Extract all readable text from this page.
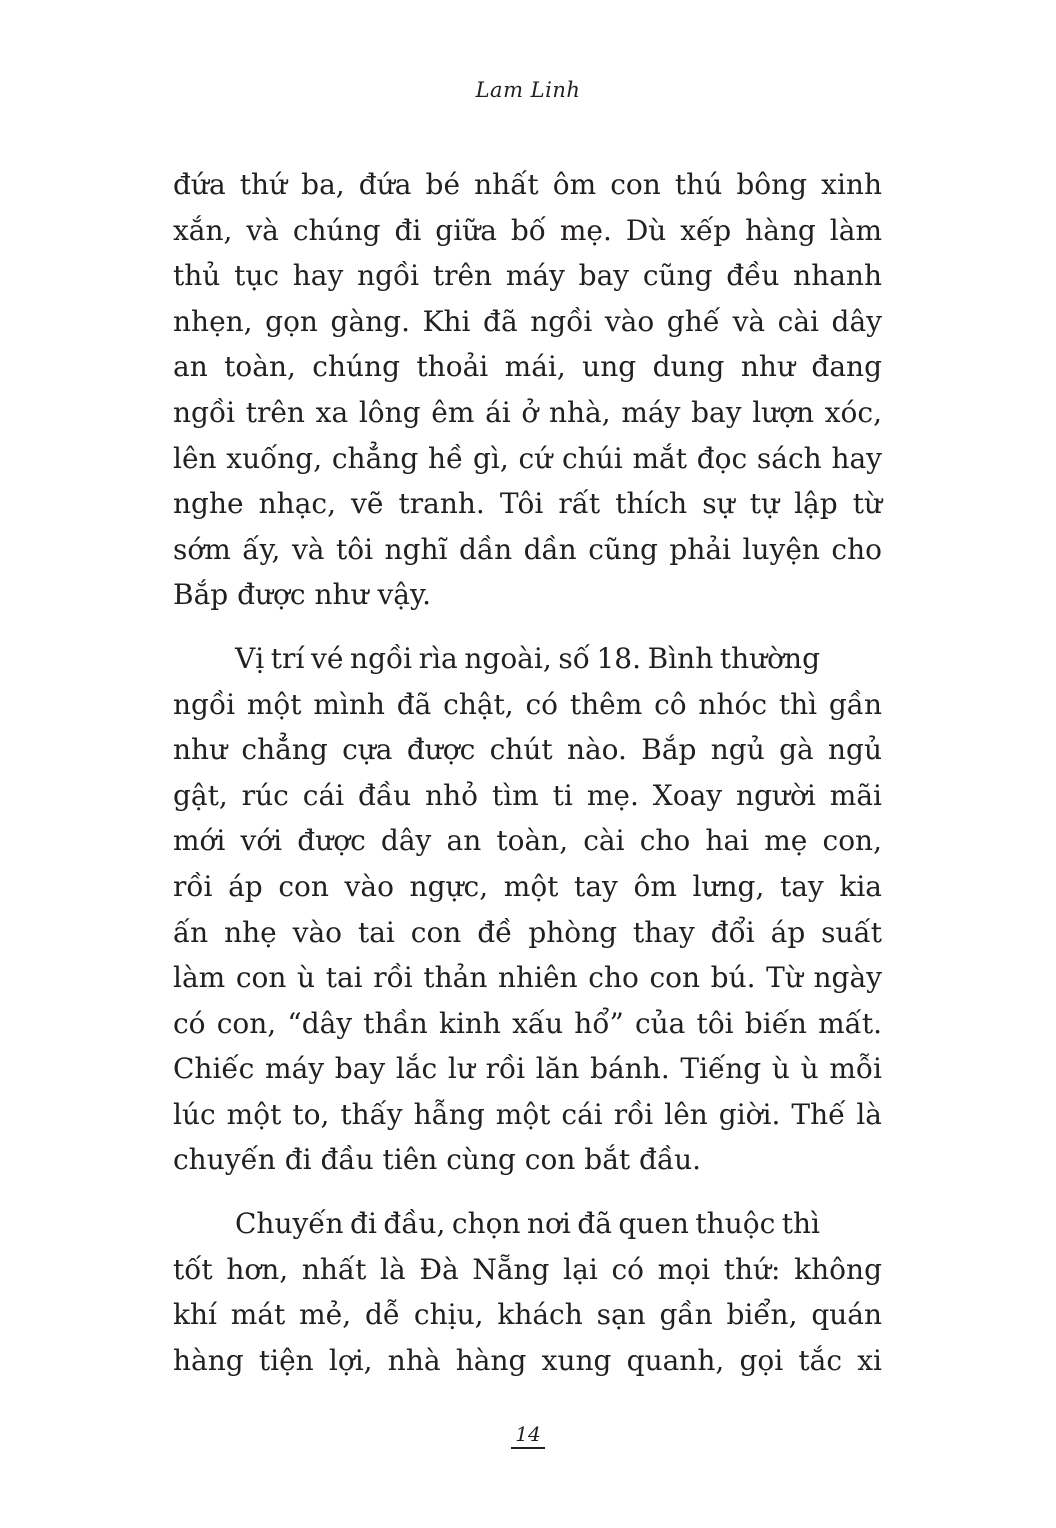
Lam Linh
đứa thứ ba, đứa bé nhất ôm con thú bông xinh
xắn, và chúng đi giữa bố mẹ. Dù xếp hàng làm
thủ tục hay ngồi trên máy bay cũng đều nhanh
nhẹn, gọn gàng. Khi đã ngồi vào ghế và cài dây
an toàn, chúng thoải mái, ung dung như đang
ngồi trên xa lông êm ái ở nhà, máy bay lượn xóc,
lên xuống, chẳng hề gì, cứ chúi mắt đọc sách hay
nghe nhạc, vẽ tranh. Tôi rất thích sự tự lập từ
sớm ấy, và tôi nghĩ dần dần cũng phải luyện cho
Bắp được như vậy.
Vị trí vé ngồi rìa ngoài, số 18. Bình thường
ngồi một mình đã chật, có thêm cô nhóc thì gần
như chẳng cựa được chút nào. Bắp ngủ gà ngủ
gật, rúc cái đầu nhỏ tìm ti mẹ. Xoay người mãi
mới với được dây an toàn, cài cho hai mẹ con,
rồi áp con vào ngực, một tay ôm lưng, tay kia
ấn nhẹ vào tai con đề phòng thay đổi áp suất
làm con ù tai rồi thản nhiên cho con bú. Từ ngày
có con, “dây thần kinh xấu hổ” của tôi biến mất.
Chiếc máy bay lắc lư rồi lăn bánh. Tiếng ù ù mỗi
lúc một to, thấy hẫng một cái rồi lên giời. Thế là
chuyến đi đầu tiên cùng con bắt đầu.
Chuyến đi đầu, chọn nơi đã quen thuộc thì
tốt hơn, nhất là Đà Nẵng lại có mọi thứ: không
khí mát mẻ, dễ chịu, khách sạn gần biển, quán
hàng tiện lợi, nhà hàng xung quanh, gọi tắc xi
14
